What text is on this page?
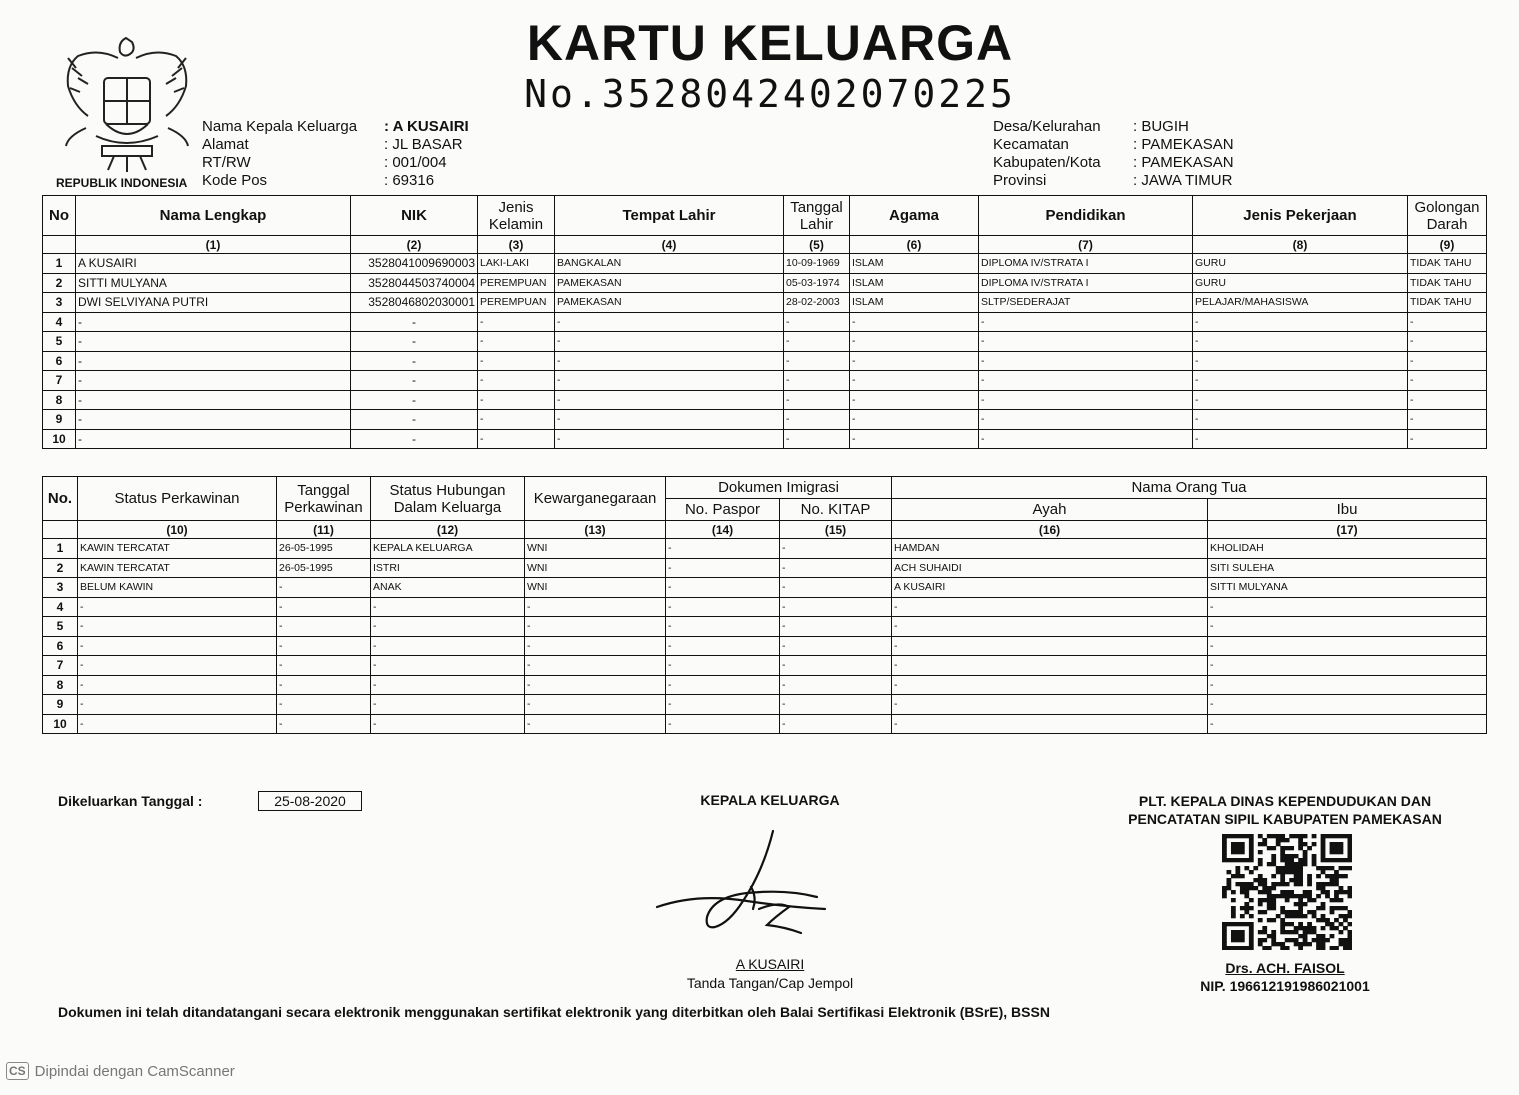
KARTU KELUARGA
No.3528042402070225
REPUBLIK INDONESIA
Nama Kepala Keluarga	: A KUSAIRI
Alamat	: JL BASAR
RT/RW	: 001/004
Kode Pos	: 69316
Desa/Kelurahan	: BUGIH
Kecamatan	: PAMEKASAN
Kabupaten/Kota	: PAMEKASAN
Provinsi	: JAWA TIMUR
No	Nama Lengkap	NIK	Jenis Kelamin	Tempat Lahir	Tanggal Lahir	Agama	Pendidikan	Jenis Pekerjaan	Golongan Darah
	(1)	(2)	(3)	(4)	(5)	(6)	(7)	(8)	(9)
1	A KUSAIRI	3528041009690003	LAKI-LAKI	BANGKALAN	10-09-1969	ISLAM	DIPLOMA IV/STRATA I	GURU	TIDAK TAHU
2	SITTI MULYANA	3528044503740004	PEREMPUAN	PAMEKASAN	05-03-1974	ISLAM	DIPLOMA IV/STRATA I	GURU	TIDAK TAHU
3	DWI SELVIYANA PUTRI	3528046802030001	PEREMPUAN	PAMEKASAN	28-02-2003	ISLAM	SLTP/SEDERAJAT	PELAJAR/MAHASISWA	TIDAK TAHU
4	-	-	-	-	-	-	-	-	-
5	-	-	-	-	-	-	-	-	-
6	-	-	-	-	-	-	-	-	-
7	-	-	-	-	-	-	-	-	-
8	-	-	-	-	-	-	-	-	-
9	-	-	-	-	-	-	-	-	-
10	-	-	-	-	-	-	-	-	-
No.	Status Perkawinan	Tanggal Perkawinan	Status Hubungan Dalam Keluarga	Kewarganegaraan	Dokumen Imigrasi		Nama Orang Tua	
					No. Paspor	No. KITAP	Ayah	Ibu
	(10)	(11)	(12)	(13)	(14)	(15)	(16)	(17)
1	KAWIN TERCATAT	26-05-1995	KEPALA KELUARGA	WNI	-	-	HAMDAN	KHOLIDAH
2	KAWIN TERCATAT	26-05-1995	ISTRI	WNI	-	-	ACH SUHAIDI	SITI SULEHA
3	BELUM KAWIN	-	ANAK	WNI	-	-	A KUSAIRI	SITTI MULYANA
4	-	-	-	-	-	-	-	-
5	-	-	-	-	-	-	-	-
6	-	-	-	-	-	-	-	-
7	-	-	-	-	-	-	-	-
8	-	-	-	-	-	-	-	-
9	-	-	-	-	-	-	-	-
10	-	-	-	-	-	-	-	-
Dikeluarkan Tanggal :	25-08-2020	KEPALA KELUARGA
A KUSAIRI
Tanda Tangan/Cap Jempol
PLT. KEPALA DINAS KEPENDUDUKAN DAN
PENCATATAN SIPIL KABUPATEN PAMEKASAN
Drs. ACH. FAISOL
NIP. 196612191986021001
Dokumen ini telah ditandatangani secara elektronik menggunakan sertifikat elektronik yang diterbitkan oleh Balai Sertifikasi Elektronik (BSrE), BSSN
CS Dipindai dengan CamScanner
